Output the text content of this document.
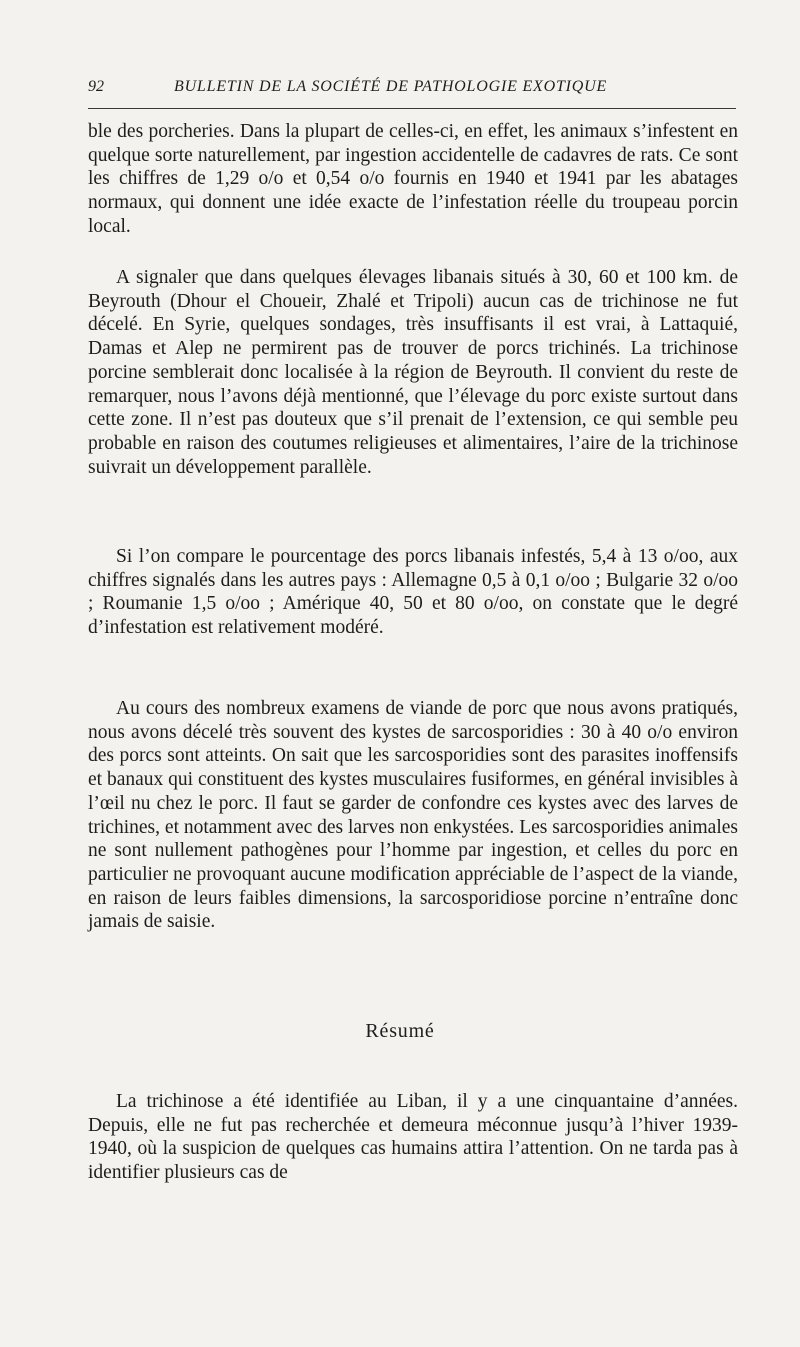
92	BULLETIN DE LA SOCIÉTÉ DE PATHOLOGIE EXOTIQUE

ble des porcheries. Dans la plupart de celles-ci, en effet, les animaux s’infestent en quelque sorte naturellement, par ingestion accidentelle de cadavres de rats. Ce sont les chiffres de 1,29 o/o et 0,54 o/o fournis en 1940 et 1941 par les abatages normaux, qui donnent une idée exacte de l’infestation réelle du troupeau porcin local.

A signaler que dans quelques élevages libanais situés à 30, 60 et 100 km. de Beyrouth (Dhour el Choueir, Zhalé et Tripoli) aucun cas de trichinose ne fut décelé. En Syrie, quelques sondages, très insuffisants il est vrai, à Lattaquié, Damas et Alep ne permirent pas de trouver de porcs trichinés. La trichinose porcine semblerait donc localisée à la région de Beyrouth. Il convient du reste de remarquer, nous l’avons déjà mentionné, que l’élevage du porc existe surtout dans cette zone. Il n’est pas douteux que s’il prenait de l’extension, ce qui semble peu probable en raison des coutumes religieuses et alimentaires, l’aire de la trichinose suivrait un développement parallèle.

Si l’on compare le pourcentage des porcs libanais infestés, 5,4 à 13 o/oo, aux chiffres signalés dans les autres pays : Allemagne 0,5 à 0,1 o/oo ; Bulgarie 32 o/oo ; Roumanie 1,5 o/oo ; Amérique 40, 50 et 80 o/oo, on constate que le degré d’infestation est relativement modéré.

Au cours des nombreux examens de viande de porc que nous avons pratiqués, nous avons décelé très souvent des kystes de sarcosporidies : 30 à 40 o/o environ des porcs sont atteints. On sait que les sarcosporidies sont des parasites inoffensifs et banaux qui constituent des kystes musculaires fusiformes, en général invisibles à l’œil nu chez le porc. Il faut se garder de confondre ces kystes avec des larves de trichines, et notamment avec des larves non enkystées. Les sarcosporidies animales ne sont nullement pathogènes pour l’homme par ingestion, et celles du porc en particulier ne provoquant aucune modification appréciable de l’aspect de la viande, en raison de leurs faibles dimensions, la sarcosporidiose porcine n’entraîne donc jamais de saisie.

Résumé

La trichinose a été identifiée au Liban, il y a une cinquantaine d’années. Depuis, elle ne fut pas recherchée et demeura méconnue jusqu’à l’hiver 1939-1940, où la suspicion de quelques cas humains attira l’attention. On ne tarda pas à identifier plusieurs cas de
